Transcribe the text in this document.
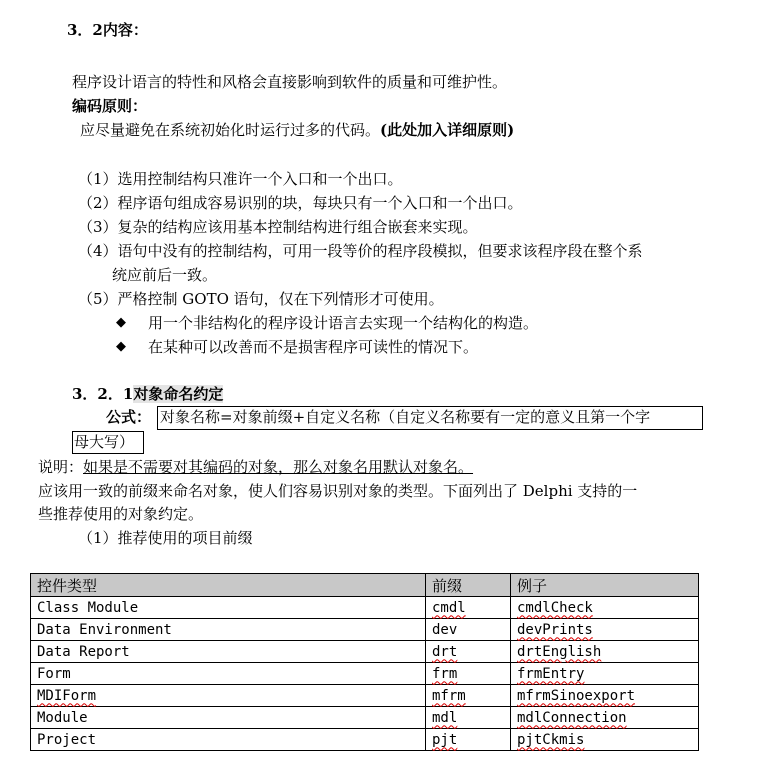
3．2内容：
程序设计语言的特性和风格会直接影响到软件的质量和可维护性。
编码原则：
应尽量避免在系统初始化时运行过多的代码。(此处加入详细原则)
（1）选用控制结构只准许一个入口和一个出口。
（2）程序语句组成容易识别的块，每块只有一个入口和一个出口。
（3）复杂的结构应该用基本控制结构进行组合嵌套来实现。
（4）语句中没有的控制结构，可用一段等价的程序段模拟，但要求该程序段在整个系
统应前后一致。
（5）严格控制 GOTO 语句，仅在下列情形才可使用。
◆ 用一个非结构化的程序设计语言去实现一个结构化的构造。
◆ 在某种可以改善而不是损害程序可读性的情况下。
3．2．1对象命名约定
公式： 对象名称=对象前缀+自定义名称（自定义名称要有一定的意义且第一个字
母大写）
说明：如果是不需要对其编码的对象，那么对象名用默认对象名。
应该用一致的前缀来命名对象，使人们容易识别对象的类型。下面列出了 Delphi 支持的一
些推荐使用的对象约定。
（1）推荐使用的项目前缀
控件类型	前缀	例子
Class Module	cmdl	cmdlCheck
Data Environment	dev	devPrints
Data Report	drt	drtEnglish
Form	frm	frmEntry
MDIForm	mfrm	mfrmSinoexport
Module	mdl	mdlConnection
Project	pjt	pjtCkmis
